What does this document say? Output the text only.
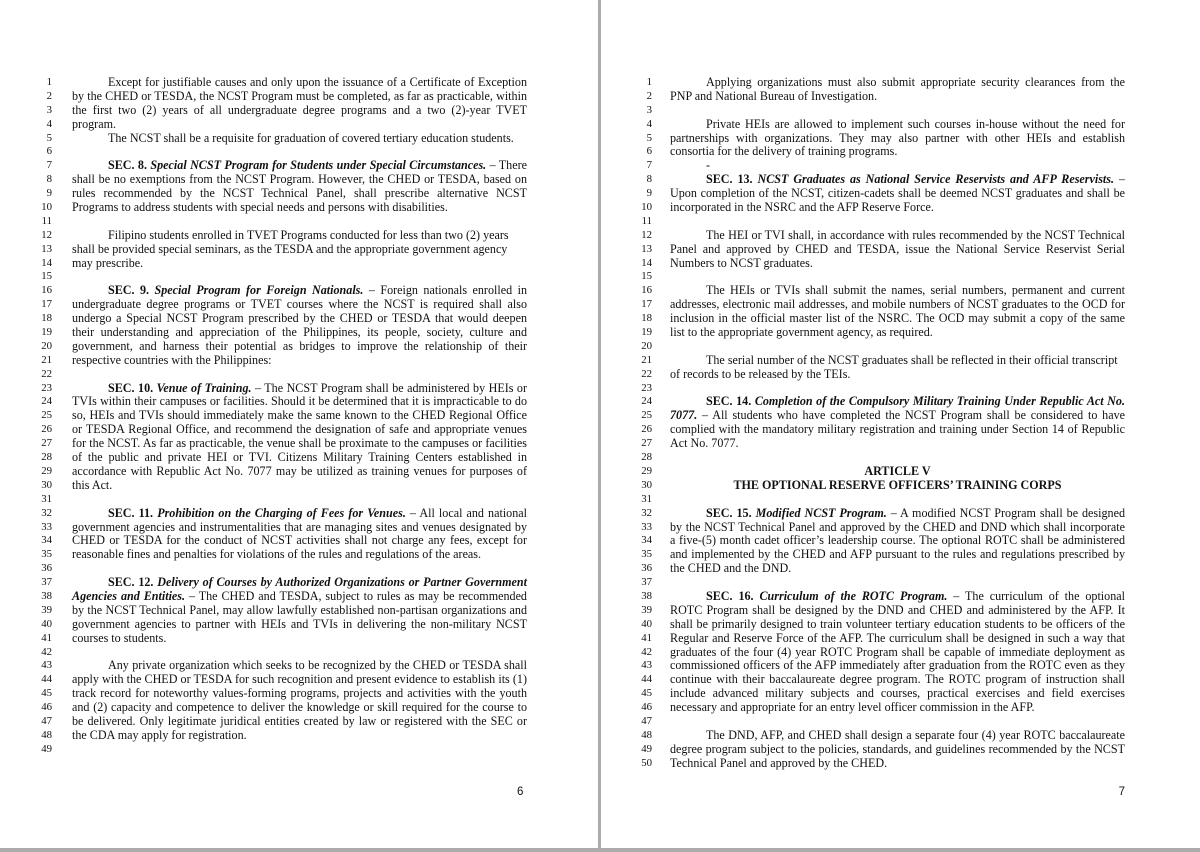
1	Except for justifiable causes and only upon the issuance of a Certificate of Exception
2 by the CHED or TESDA, the NCST Program must be completed, as far as practicable, within
3 the first two (2) years of all undergraduate degree programs and a two (2)-year TVET
4 program.
5	The NCST shall be a requisite for graduation of covered tertiary education students.
6
7	SEC. 8. Special NCST Program for Students under Special Circumstances. – There
8 shall be no exemptions from the NCST Program. However, the CHED or TESDA, based on
9 rules recommended by the NCST Technical Panel, shall prescribe alternative NCST
10 Programs to address students with special needs and persons with disabilities.
11
12	Filipino students enrolled in TVET Programs conducted for less than two (2) years
13 shall be provided special seminars, as the TESDA and the appropriate government agency
14 may prescribe.
15
16	SEC. 9. Special Program for Foreign Nationals. – Foreign nationals enrolled in
17 undergraduate degree programs or TVET courses where the NCST is required shall also
18 undergo a Special NCST Program prescribed by the CHED or TESDA that would deepen
19 their understanding and appreciation of the Philippines, its people, society, culture and
20 government, and harness their potential as bridges to improve the relationship of their
21 respective countries with the Philippines:
22
23	SEC. 10. Venue of Training. – The NCST Program shall be administered by HEIs or
24 TVIs within their campuses or facilities. Should it be determined that it is impracticable to do
25 so, HEIs and TVIs should immediately make the same known to the CHED Regional Office
26 or TESDA Regional Office, and recommend the designation of safe and appropriate venues
27 for the NCST. As far as practicable, the venue shall be proximate to the campuses or facilities
28 of the public and private HEI or TVI. Citizens Military Training Centers established in
29 accordance with Republic Act No. 7077 may be utilized as training venues for purposes of
30 this Act.
31
32	SEC. 11. Prohibition on the Charging of Fees for Venues. – All local and national
33 government agencies and instrumentalities that are managing sites and venues designated by
34 CHED or TESDA for the conduct of NCST activities shall not charge any fees, except for
35 reasonable fines and penalties for violations of the rules and regulations of the areas.
36
37	SEC. 12. Delivery of Courses by Authorized Organizations or Partner Government
38 Agencies and Entities. – The CHED and TESDA, subject to rules as may be recommended
39 by the NCST Technical Panel, may allow lawfully established non-partisan organizations and
40 government agencies to partner with HEIs and TVIs in delivering the non-military NCST
41 courses to students.
42
43	Any private organization which seeks to be recognized by the CHED or TESDA shall
44 apply with the CHED or TESDA for such recognition and present evidence to establish its (1)
45 track record for noteworthy values-forming programs, projects and activities with the youth
46 and (2) capacity and competence to deliver the knowledge or skill required for the course to
47 be delivered. Only legitimate juridical entities created by law or registered with the SEC or
48 the CDA may apply for registration.
49
6
1	Applying organizations must also submit appropriate security clearances from the
2 PNP and National Bureau of Investigation.
3
4	Private HEIs are allowed to implement such courses in-house without the need for
5 partnerships with organizations. They may also partner with other HEIs and establish
6 consortia for the delivery of training programs.
7	-
8	SEC. 13. NCST Graduates as National Service Reservists and AFP Reservists. –
9 Upon completion of the NCST, citizen-cadets shall be deemed NCST graduates and shall be
10 incorporated in the NSRC and the AFP Reserve Force.
11
12	The HEI or TVI shall, in accordance with rules recommended by the NCST Technical
13 Panel and approved by CHED and TESDA, issue the National Service Reservist Serial
14 Numbers to NCST graduates.
15
16	The HEIs or TVIs shall submit the names, serial numbers, permanent and current
17 addresses, electronic mail addresses, and mobile numbers of NCST graduates to the OCD for
18 inclusion in the official master list of the NSRC. The OCD may submit a copy of the same
19 list to the appropriate government agency, as required.
20
21	The serial number of the NCST graduates shall be reflected in their official transcript
22 of records to be released by the TEIs.
23
24	SEC. 14. Completion of the Compulsory Military Training Under Republic Act No.
25 7077. – All students who have completed the NCST Program shall be considered to have
26 complied with the mandatory military registration and training under Section 14 of Republic
27 Act No. 7077.
28
29	ARTICLE V
30	THE OPTIONAL RESERVE OFFICERS’ TRAINING CORPS
31
32	SEC. 15. Modified NCST Program. – A modified NCST Program shall be designed
33 by the NCST Technical Panel and approved by the CHED and DND which shall incorporate
34 a five-(5) month cadet officer’s leadership course. The optional ROTC shall be administered
35 and implemented by the CHED and AFP pursuant to the rules and regulations prescribed by
36 the CHED and the DND.
37
38	SEC. 16. Curriculum of the ROTC Program. – The curriculum of the optional
39 ROTC Program shall be designed by the DND and CHED and administered by the AFP. It
40 shall be primarily designed to train volunteer tertiary education students to be officers of the
41 Regular and Reserve Force of the AFP. The curriculum shall be designed in such a way that
42 graduates of the four (4) year ROTC Program shall be capable of immediate deployment as
43 commissioned officers of the AFP immediately after graduation from the ROTC even as they
44 continue with their baccalaureate degree program. The ROTC program of instruction shall
45 include advanced military subjects and courses, practical exercises and field exercises
46 necessary and appropriate for an entry level officer commission in the AFP.
47
48	The DND, AFP, and CHED shall design a separate four (4) year ROTC baccalaureate
49 degree program subject to the policies, standards, and guidelines recommended by the NCST
50 Technical Panel and approved by the CHED.
7
